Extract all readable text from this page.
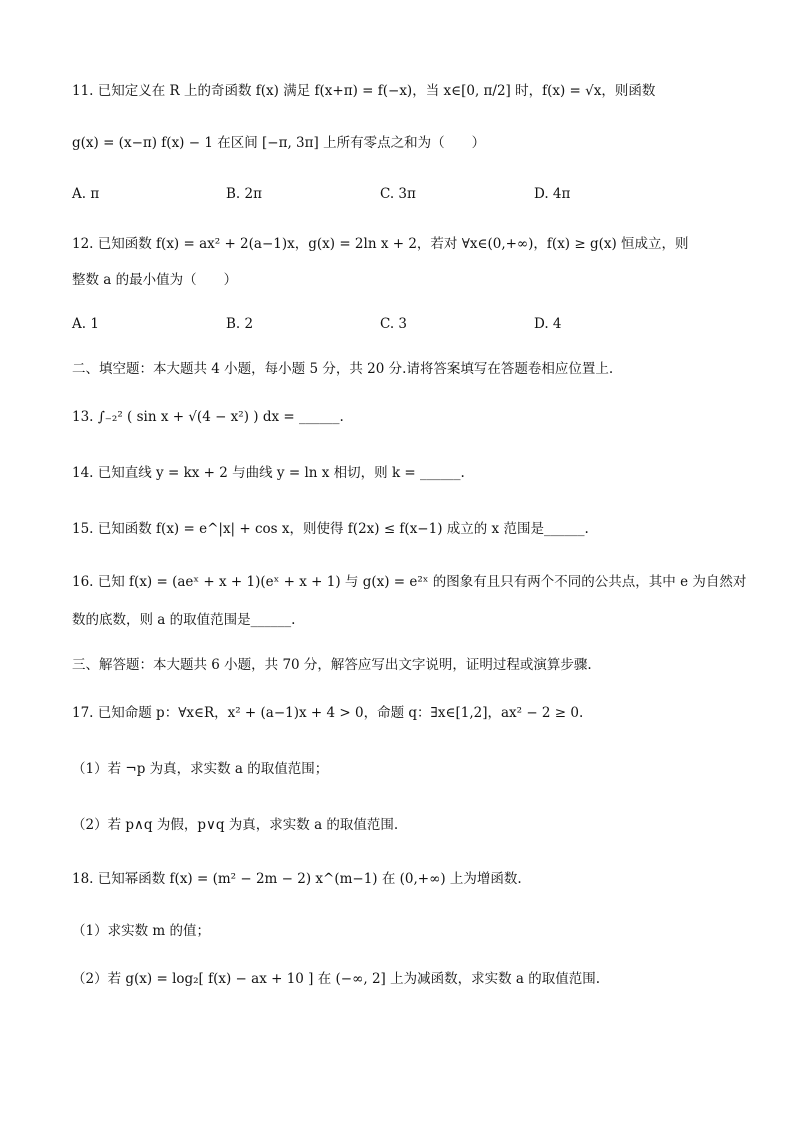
11. 已知定义在 R 上的奇函数 f(x) 满足 f(x+π) = f(−x)，当 x∈[0, π/2] 时，f(x) = √x，则函数
g(x) = (x−π) f(x) − 1 在区间 [−π, 3π] 上所有零点之和为（　　）
A. π	B. 2π	C. 3π	D. 4π
12. 已知函数 f(x) = ax² + 2(a−1)x，g(x) = 2ln x + 2，若对 ∀x∈(0,+∞)，f(x) ≥ g(x) 恒成立，则
整数 a 的最小值为（　　）
A. 1	B. 2	C. 3	D. 4
二、填空题：本大题共 4 小题，每小题 5 分，共 20 分.请将答案填写在答题卷相应位置上.
13. ∫₋₂² ( sin x + √(4 − x²) ) dx = ______.
14. 已知直线 y = kx + 2 与曲线 y = ln x 相切，则 k = ______.
15. 已知函数 f(x) = e^|x| + cos x，则使得 f(2x) ≤ f(x−1) 成立的 x 范围是______.
16. 已知 f(x) = (aeˣ + x + 1)(eˣ + x + 1) 与 g(x) = e²ˣ 的图象有且只有两个不同的公共点，其中 e 为自然对
数的底数，则 a 的取值范围是______.
三、解答题：本大题共 6 小题，共 70 分，解答应写出文字说明，证明过程或演算步骤.
17. 已知命题 p：∀x∈R，x² + (a−1)x + 4 > 0，命题 q：∃x∈[1,2]，ax² − 2 ≥ 0.
（1）若 ¬p 为真，求实数 a 的取值范围；
（2）若 p∧q 为假，p∨q 为真，求实数 a 的取值范围.
18. 已知幂函数 f(x) = (m² − 2m − 2) x^(m−1) 在 (0,+∞) 上为增函数.
（1）求实数 m 的值；
（2）若 g(x) = log₂[ f(x) − ax + 10 ] 在 (−∞, 2] 上为减函数，求实数 a 的取值范围.
